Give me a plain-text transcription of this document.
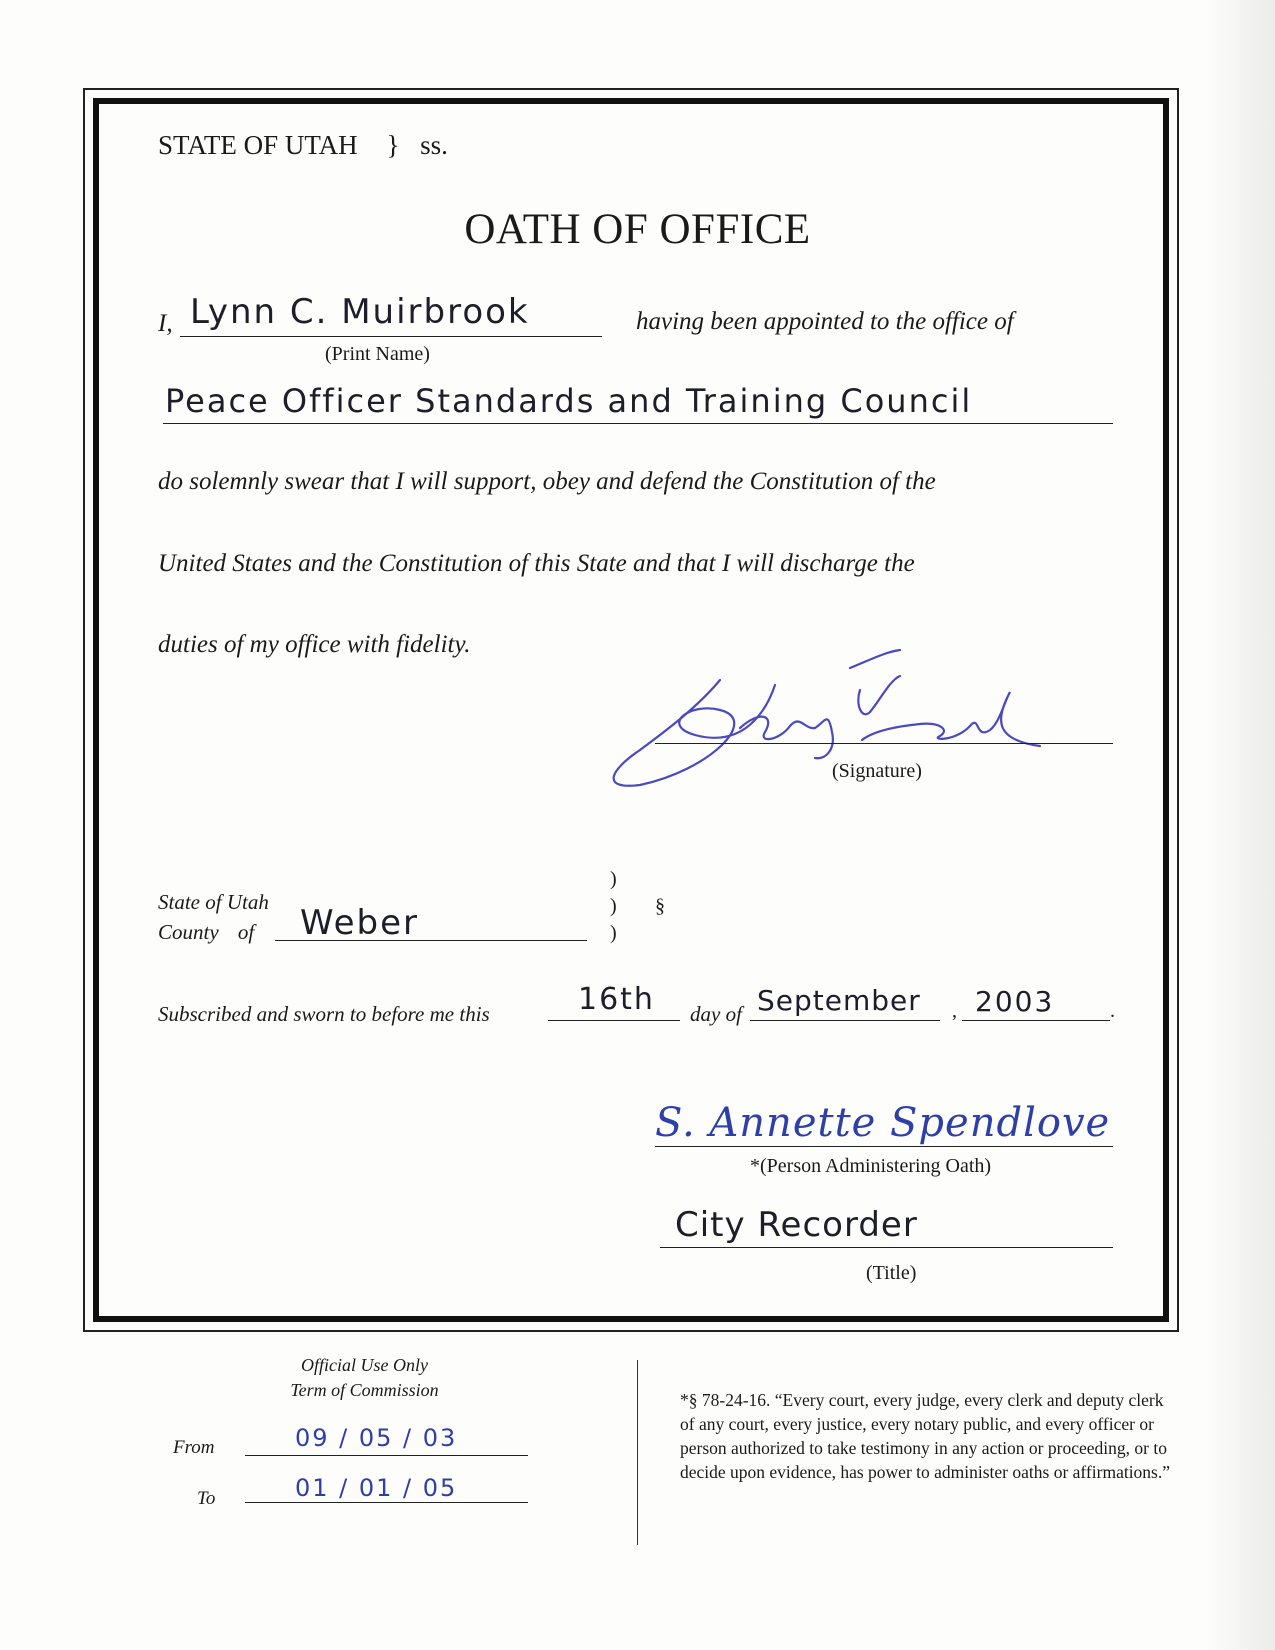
STATE OF UTAH } ss.
OATH OF OFFICE
I, Lynn C. Muirbrook
(Print Name)
having been appointed to the office of
Peace Officer Standards and Training Council
do solemnly swear that I will support, obey and defend the Constitution of the
United States and the Constitution of this State and that I will discharge the
duties of my office with fidelity.
(Signature)
State of Utah
County of Weber
)
)
)
§
Subscribed and sworn to before me this	16th day of September , 2003	.
S. Annette Spendlove
*(Person Administering Oath)
City Recorder
(Title)
Official Use Only
Term of Commission
From	09 / 05 / 03
To	01 / 01 / 05
*§ 78-24-16. “Every court, every judge, every clerk and deputy clerk of any court, every justice, every notary public, and every officer or person authorized to take testimony in any action or proceeding, or to decide upon evidence, has power to administer oaths or affirmations.”
